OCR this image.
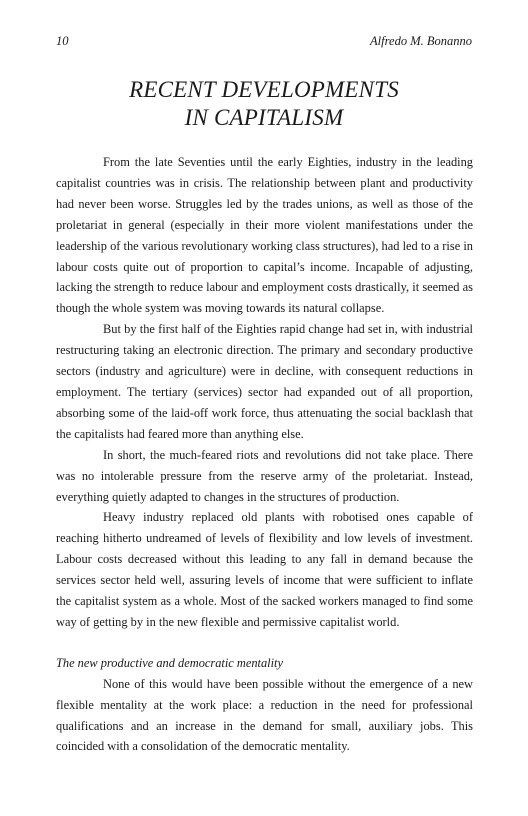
10	Alfredo M. Bonanno
RECENT DEVELOPMENTS
IN CAPITALISM

From the late Seventies until the early Eighties, industry in the leading capitalist countries was in crisis. The relationship between plant and productivity had never been worse. Struggles led by the trades unions, as well as those of the proletariat in general (especially in their more violent manifestations under the leadership of the various revolutionary working class structures), had led to a rise in labour costs quite out of proportion to capital’s income. Incapable of adjusting, lacking the strength to reduce labour and employment costs drastically, it seemed as though the whole system was moving towards its natural collapse.

But by the first half of the Eighties rapid change had set in, with industrial restructuring taking an electronic direction. The primary and secondary productive sectors (industry and agriculture) were in decline, with consequent reductions in employment. The tertiary (services) sector had expanded out of all proportion, absorbing some of the laid-off work force, thus attenuating the social backlash that the capitalists had feared more than anything else.

In short, the much-feared riots and revolutions did not take place. There was no intolerable pressure from the reserve army of the proletariat. Instead, everything quietly adapted to changes in the structures of production.

Heavy industry replaced old plants with robotised ones capable of reaching hitherto undreamed of levels of flexibility and low levels of investment. Labour costs decreased without this leading to any fall in demand because the services sector held well, assuring levels of income that were sufficient to inflate the capitalist system as a whole. Most of the sacked workers managed to find some way of getting by in the new flexible and permissive capitalist world.

The new productive and democratic mentality

None of this would have been possible without the emergence of a new flexible mentality at the work place: a reduction in the need for professional qualifications and an increase in the demand for small, auxiliary jobs. This coincided with a consolidation of the democratic mentality.
